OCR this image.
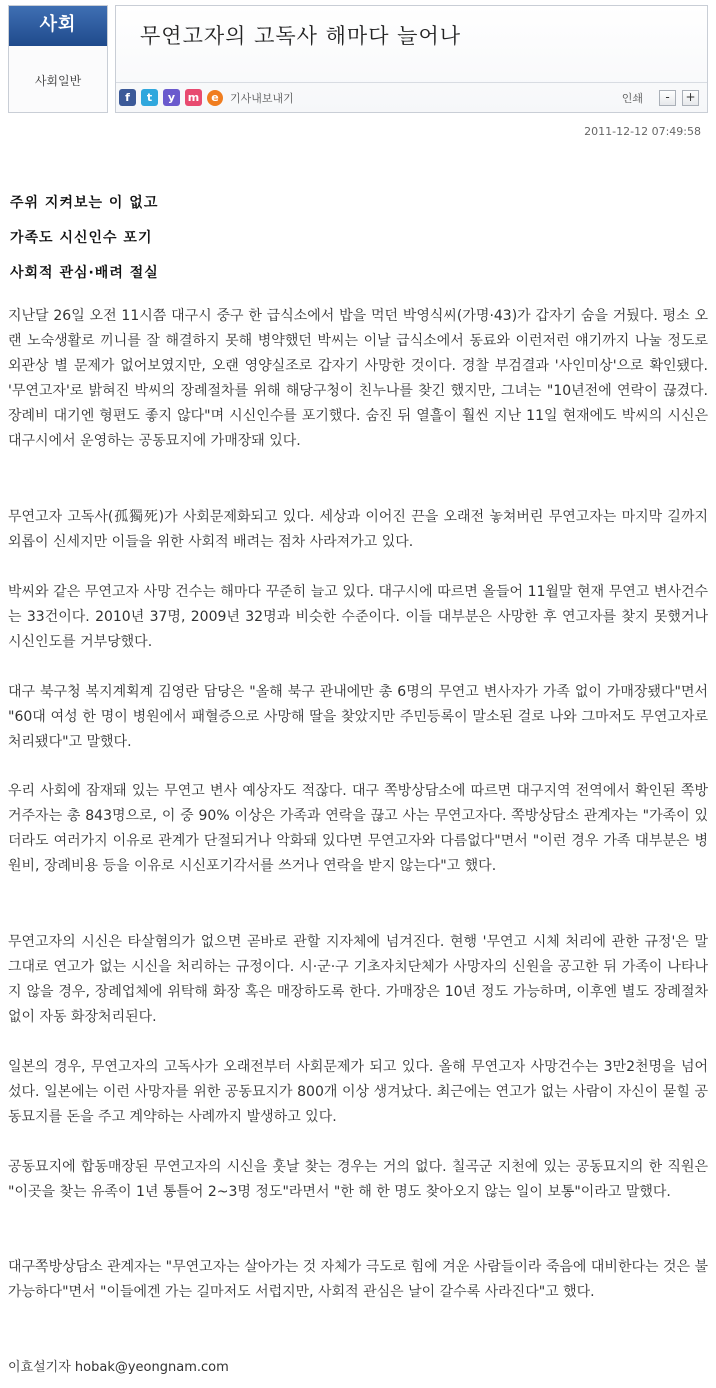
사회
사회일반
무연고자의 고독사 해마다 늘어나
f	t	y	m	e	기사내보내기	인쇄	-	+
2011-12-12 07:49:58
주위 지켜보는 이 없고
가족도 시신인수 포기
사회적 관심·배려 절실

지난달 26일 오전 11시쯤 대구시 중구 한 급식소에서 밥을 먹던 박영식씨(가명·43)가 갑자기 숨을 거뒀다. 평소 오랜 노숙생활로 끼니를 잘 해결하지 못해 병약했던 박씨는 이날 급식소에서 동료와 이런저런 얘기까지 나눌 정도로 외관상 별 문제가 없어보였지만, 오랜 영양실조로 갑자기 사망한 것이다. 경찰 부검결과 '사인미상'으로 확인됐다. '무연고자'로 밝혀진 박씨의 장례절차를 위해 해당구청이 친누나를 찾긴 했지만, 그녀는 "10년전에 연락이 끊겼다. 장례비 대기엔 형편도 좋지 않다"며 시신인수를 포기했다. 숨진 뒤 열흘이 훨씬 지난 11일 현재에도 박씨의 시신은 대구시에서 운영하는 공동묘지에 가매장돼 있다.

무연고자 고독사(孤獨死)가 사회문제화되고 있다. 세상과 이어진 끈을 오래전 놓쳐버린 무연고자는 마지막 길까지 외롭이 신세지만 이들을 위한 사회적 배려는 점차 사라져가고 있다.

박씨와 같은 무연고자 사망 건수는 해마다 꾸준히 늘고 있다. 대구시에 따르면 올들어 11월말 현재 무연고 변사건수는 33건이다. 2010년 37명, 2009년 32명과 비슷한 수준이다. 이들 대부분은 사망한 후 연고자를 찾지 못했거나 시신인도를 거부당했다.

대구 북구청 복지계획계 김영란 담당은 "올해 북구 관내에만 총 6명의 무연고 변사자가 가족 없이 가매장됐다"면서 "60대 여성 한 명이 병원에서 패혈증으로 사망해 딸을 찾았지만 주민등록이 말소된 걸로 나와 그마저도 무연고자로 처리됐다"고 말했다.

우리 사회에 잠재돼 있는 무연고 변사 예상자도 적잖다. 대구 쪽방상담소에 따르면 대구지역 전역에서 확인된 쪽방거주자는 총 843명으로, 이 중 90% 이상은 가족과 연락을 끊고 사는 무연고자다. 쪽방상담소 관계자는 "가족이 있더라도 여러가지 이유로 관계가 단절되거나 악화돼 있다면 무연고자와 다름없다"면서 "이런 경우 가족 대부분은 병원비, 장례비용 등을 이유로 시신포기각서를 쓰거나 연락을 받지 않는다"고 했다.

무연고자의 시신은 타살혐의가 없으면 곧바로 관할 지자체에 넘겨진다. 현행 '무연고 시체 처리에 관한 규정'은 말 그대로 연고가 없는 시신을 처리하는 규정이다. 시·군·구 기초자치단체가 사망자의 신원을 공고한 뒤 가족이 나타나지 않을 경우, 장례업체에 위탁해 화장 혹은 매장하도록 한다. 가매장은 10년 정도 가능하며, 이후엔 별도 장례절차 없이 자동 화장처리된다.

일본의 경우, 무연고자의 고독사가 오래전부터 사회문제가 되고 있다. 올해 무연고자 사망건수는 3만2천명을 넘어섰다. 일본에는 이런 사망자를 위한 공동묘지가 800개 이상 생겨났다. 최근에는 연고가 없는 사람이 자신이 묻힐 공동묘지를 돈을 주고 계약하는 사례까지 발생하고 있다.

공동묘지에 합동매장된 무연고자의 시신을 훗날 찾는 경우는 거의 없다. 칠곡군 지천에 있는 공동묘지의 한 직원은 "이곳을 찾는 유족이 1년 통틀어 2~3명 정도"라면서 "한 해 한 명도 찾아오지 않는 일이 보통"이라고 말했다.

대구쪽방상담소 관계자는 "무연고자는 살아가는 것 자체가 극도로 힘에 겨운 사람들이라 죽음에 대비한다는 것은 불가능하다"면서 "이들에겐 가는 길마저도 서럽지만, 사회적 관심은 날이 갈수록 사라진다"고 했다.

이효설기자 hobak@yeongnam.com
